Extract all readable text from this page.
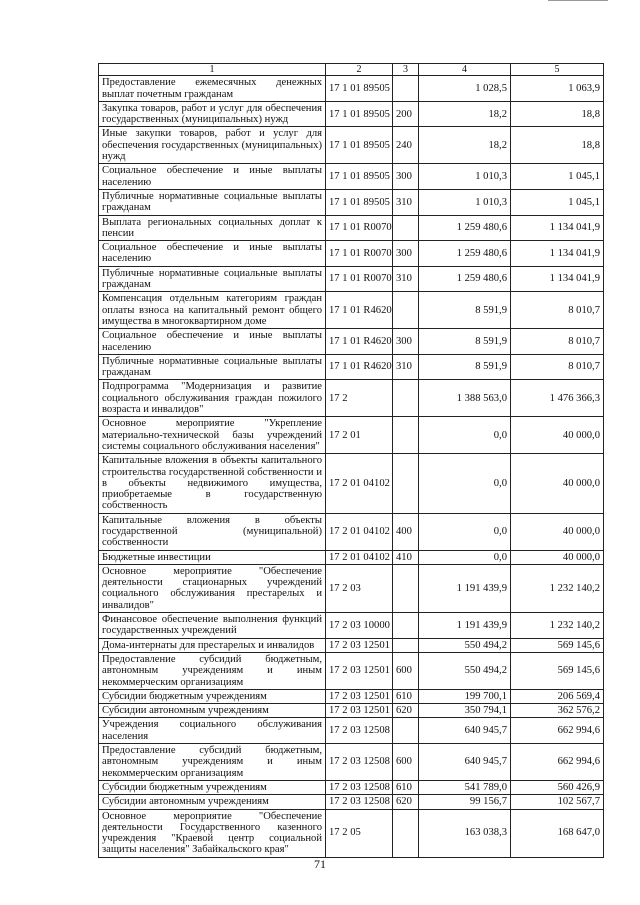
1	2	3	4	5
Предоставление ежемесячных денежных выплат почетным гражданам	17 1 01 89505		1 028,5	1 063,9
Закупка товаров, работ и услуг для обеспечения государственных (муниципальных) нужд	17 1 01 89505	200	18,2	18,8
Иные закупки товаров, работ и услуг для обеспечения государственных (муниципальных) нужд	17 1 01 89505	240	18,2	18,8
Социальное обеспечение и иные выплаты населению	17 1 01 89505	300	1 010,3	1 045,1
Публичные нормативные социальные выплаты гражданам	17 1 01 89505	310	1 010,3	1 045,1
Выплата региональных социальных доплат к пенсии	17 1 01 R0070		1 259 480,6	1 134 041,9
Социальное обеспечение и иные выплаты населению	17 1 01 R0070	300	1 259 480,6	1 134 041,9
Публичные нормативные социальные выплаты гражданам	17 1 01 R0070	310	1 259 480,6	1 134 041,9
Компенсация отдельным категориям граждан оплаты взноса на капитальный ремонт общего имущества в многоквартирном доме	17 1 01 R4620		8 591,9	8 010,7
Социальное обеспечение и иные выплаты населению	17 1 01 R4620	300	8 591,9	8 010,7
Публичные нормативные социальные выплаты гражданам	17 1 01 R4620	310	8 591,9	8 010,7
Подпрограмма "Модернизация и развитие социального обслуживания граждан пожилого возраста и инвалидов"	17 2		1 388 563,0	1 476 366,3
Основное мероприятие "Укрепление материально-технической базы учреждений системы социального обслуживания населения"	17 2 01		0,0	40 000,0
Капитальные вложения в объекты капитального строительства государственной собственности и в объекты недвижимого имущества, приобретаемые в государственную собственность	17 2 01 04102		0,0	40 000,0
Капитальные вложения в объекты государственной (муниципальной) собственности	17 2 01 04102	400	0,0	40 000,0
Бюджетные инвестиции	17 2 01 04102	410	0,0	40 000,0
Основное мероприятие "Обеспечение деятельности стационарных учреждений социального обслуживания престарелых и инвалидов"	17 2 03		1 191 439,9	1 232 140,2
Финансовое обеспечение выполнения функций государственных учреждений	17 2 03 10000		1 191 439,9	1 232 140,2
Дома-интернаты для престарелых и инвалидов	17 2 03 12501		550 494,2	569 145,6
Предоставление субсидий бюджетным, автономным учреждениям и иным некоммерческим организациям	17 2 03 12501	600	550 494,2	569 145,6
Субсидии бюджетным учреждениям	17 2 03 12501	610	199 700,1	206 569,4
Субсидии автономным учреждениям	17 2 03 12501	620	350 794,1	362 576,2
Учреждения социального обслуживания населения	17 2 03 12508		640 945,7	662 994,6
Предоставление субсидий бюджетным, автономным учреждениям и иным некоммерческим организациям	17 2 03 12508	600	640 945,7	662 994,6
Субсидии бюджетным учреждениям	17 2 03 12508	610	541 789,0	560 426,9
Субсидии автономным учреждениям	17 2 03 12508	620	99 156,7	102 567,7
Основное мероприятие "Обеспечение деятельности Государственного казенного учреждения "Краевой центр социальной защиты населения" Забайкальского края"	17 2 05		163 038,3	168 647,0
71
